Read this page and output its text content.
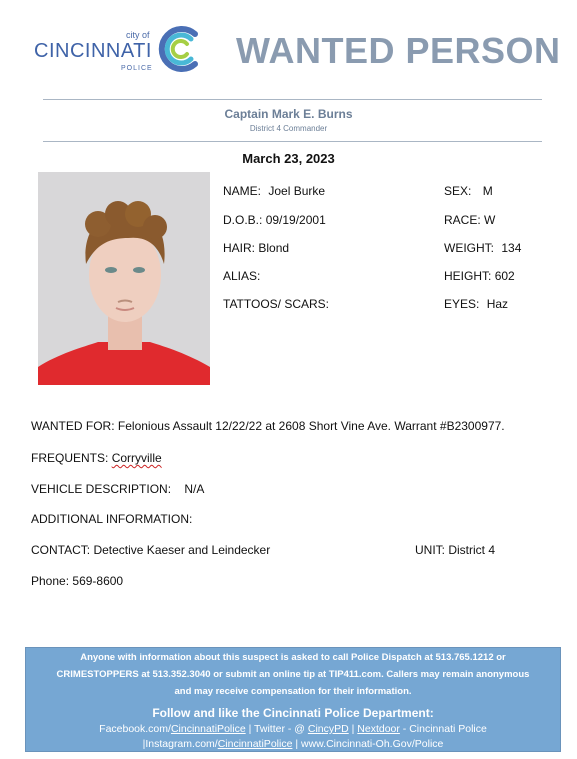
city of
CINCINNATI
POLICE WANTED PERSON
Captain Mark E. Burns
District 4 Commander
March 23, 2023
NAME: Joel Burke
D.O.B.: 09/19/2001
HAIR: Blond
ALIAS:
TATTOOS/ SCARS:
SEX: M
RACE: W
WEIGHT: 134
HEIGHT: 602
EYES: Haz
WANTED FOR: Felonious Assault 12/22/22 at 2608 Short Vine Ave. Warrant #B2300977.
FREQUENTS: Corryville
VEHICLE DESCRIPTION: N/A
ADDITIONAL INFORMATION:
CONTACT: Detective Kaeser and Leindecker	UNIT: District 4
Phone: 569-8600
Anyone with information about this suspect is asked to call Police Dispatch at 513.765.1212 or
CRIMESTOPPERS at 513.352.3040 or submit an online tip at TIP411.com. Callers may remain anonymous
and may receive compensation for their information.
Follow and like the Cincinnati Police Department:
Facebook.com/CincinnatiPolice | Twitter - @ CincyPD | Nextdoor - Cincinnati Police
|Instagram.com/CincinnatiPolice | www.Cincinnati-Oh.Gov/Police
